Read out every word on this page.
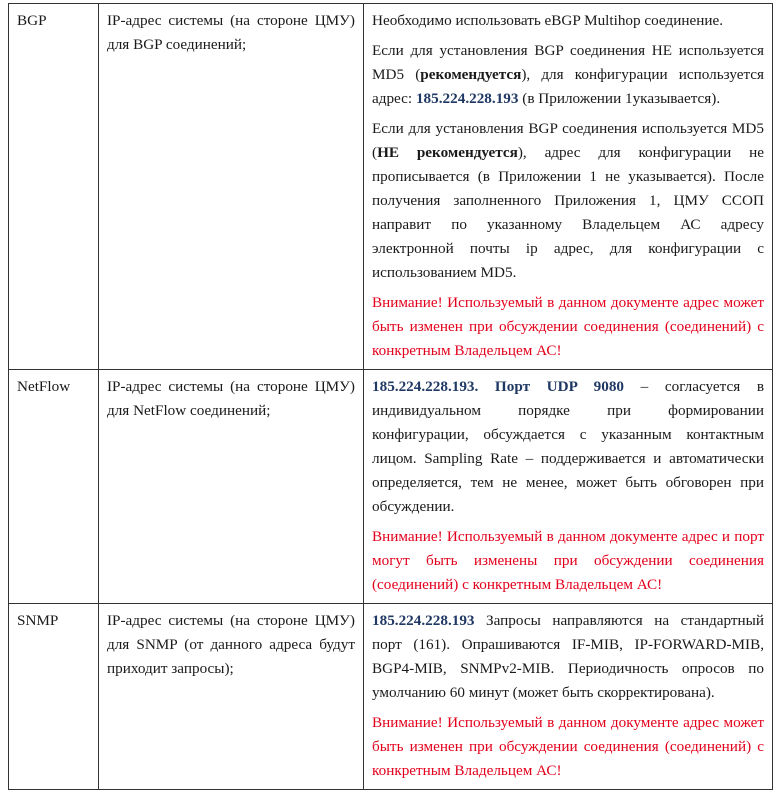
BGP	IP-адрес системы (на стороне ЦМУ) для BGP соединений;	Необходимо использовать eBGP Multihop соединение.

Если для установления BGP соединения НЕ используется MD5 (рекомендуется), для конфигурации используется адрес: 185.224.228.193 (в Приложении 1указывается).

Если для установления BGP соединения используется MD5 (НЕ рекомендуется), адрес для конфигурации не прописывается (в Приложении 1 не указывается). После получения заполненного Приложения 1, ЦМУ ССОП направит по указанному Владельцем АС адресу электронной почты ip адрес, для конфигурации с использованием MD5.

Внимание! Используемый в данном документе адрес может быть изменен при обсуждении соединения (соединений) с конкретным Владельцем АС!

NetFlow	IP-адрес системы (на стороне ЦМУ) для NetFlow соединений;	185.224.228.193. Порт UDP 9080 – согласуется в индивидуальном порядке при формировании конфигурации, обсуждается с указанным контактным лицом. Sampling Rate – поддерживается и автоматически определяется, тем не менее, может быть обговорен при обсуждении.

Внимание! Используемый в данном документе адрес и порт могут быть изменены при обсуждении соединения (соединений) с конкретным Владельцем АС!

SNMP	IP-адрес системы (на стороне ЦМУ) для SNMP (от данного адреса будут приходит запросы);	185.224.228.193 Запросы направляются на стандартный порт (161). Опрашиваются IF-MIB, IP-FORWARD-MIB, BGP4-MIB, SNMPv2-MIB. Периодичность опросов по умолчанию 60 минут (может быть скорректирована).

Внимание! Используемый в данном документе адрес может быть изменен при обсуждении соединения (соединений) с конкретным Владельцем АС!
